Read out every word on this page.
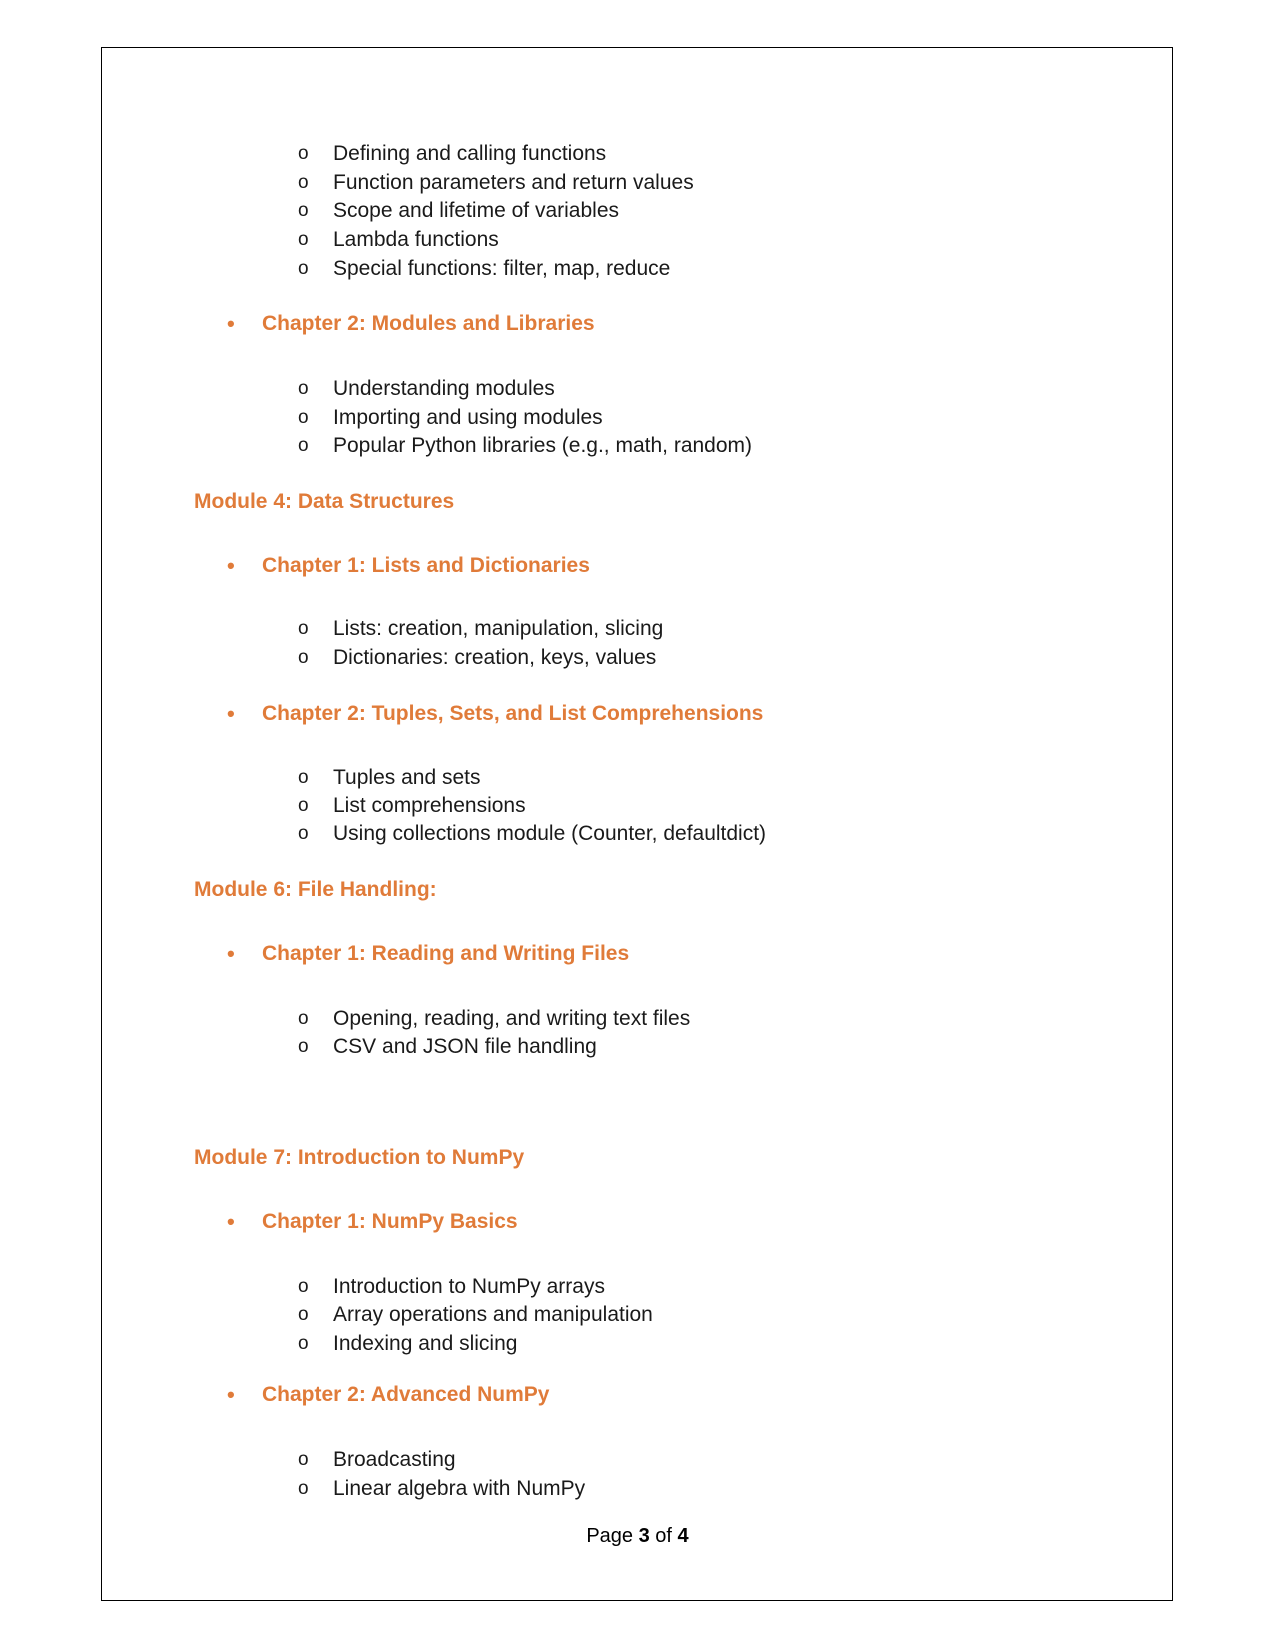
o Defining and calling functions
o Function parameters and return values
o Scope and lifetime of variables
o Lambda functions
o Special functions: filter, map, reduce
• Chapter 2: Modules and Libraries
o Understanding modules
o Importing and using modules
o Popular Python libraries (e.g., math, random)
Module 4: Data Structures
• Chapter 1: Lists and Dictionaries
o Lists: creation, manipulation, slicing
o Dictionaries: creation, keys, values
• Chapter 2: Tuples, Sets, and List Comprehensions
o Tuples and sets
o List comprehensions
o Using collections module (Counter, defaultdict)
Module 6: File Handling:
• Chapter 1: Reading and Writing Files
o Opening, reading, and writing text files
o CSV and JSON file handling
Module 7: Introduction to NumPy
• Chapter 1: NumPy Basics
o Introduction to NumPy arrays
o Array operations and manipulation
o Indexing and slicing
• Chapter 2: Advanced NumPy
o Broadcasting
o Linear algebra with NumPy
Page 3 of 4
